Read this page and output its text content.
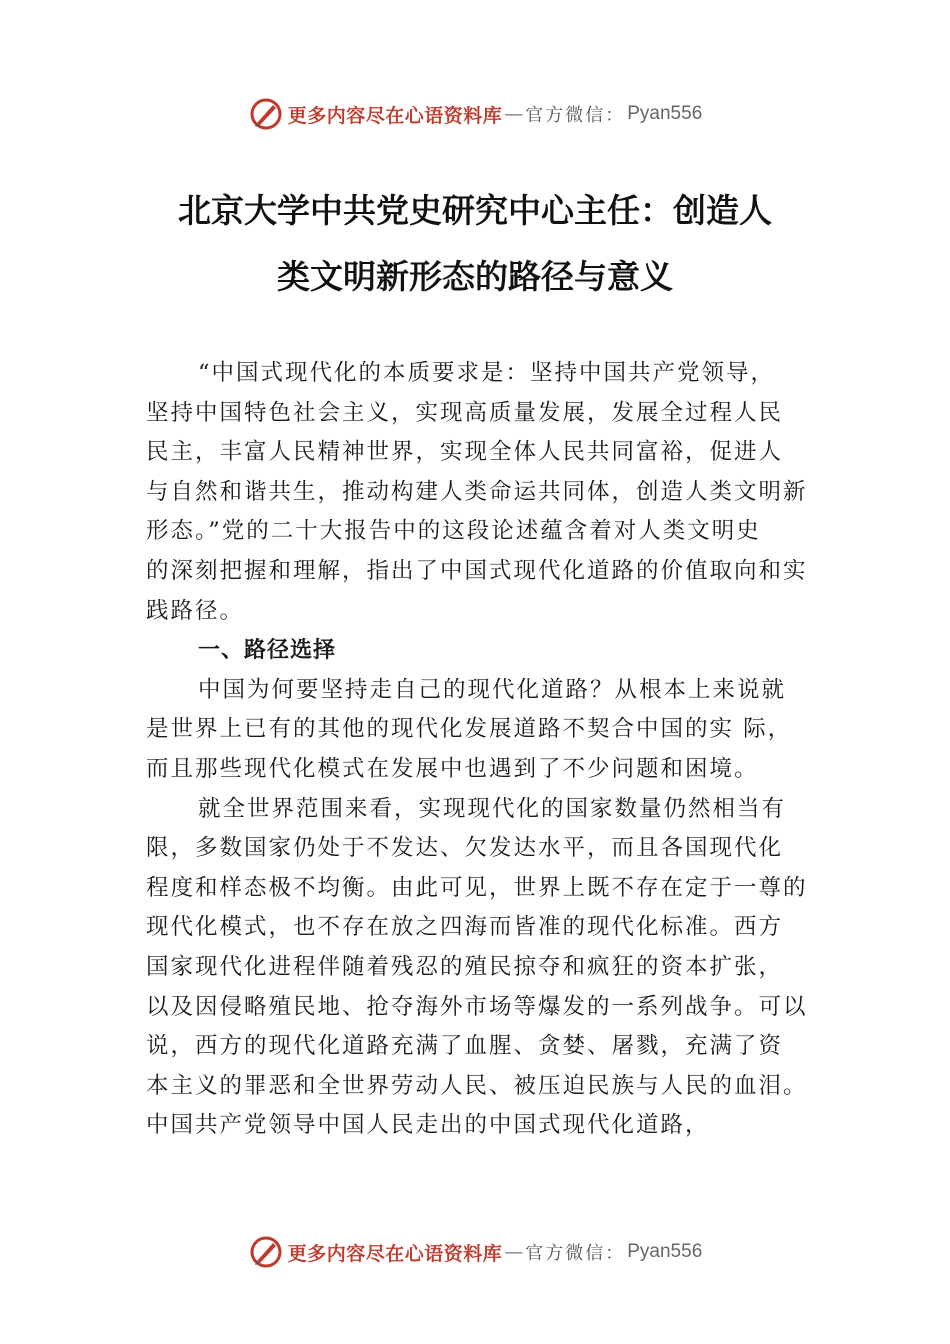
更多内容尽在心语资料库 — 官方微信： Pyan556
北京大学中共党史研究中心主任：创造人
类文明新形态的路径与意义
“中国式现代化的本质要求是：坚持中国共产党领导，
坚持中国特色社会主义，实现高质量发展，发展全过程人民
民主，丰富人民精神世界，实现全体人民共同富裕，促进人
与自然和谐共生，推动构建人类命运共同体，创造人类文明新
形态。”党的二十大报告中的这段论述蕴含着对人类文明史
的深刻把握和理解，指出了中国式现代化道路的价值取向和实
践路径。
一、路径选择
中国为何要坚持走自己的现代化道路？从根本上来说就
是世界上已有的其他的现代化发展道路不契合中国的实 际，
而且那些现代化模式在发展中也遇到了不少问题和困境。
就全世界范围来看，实现现代化的国家数量仍然相当有
限，多数国家仍处于不发达、欠发达水平，而且各国现代化
程度和样态极不均衡。由此可见，世界上既不存在定于一尊的
现代化模式，也不存在放之四海而皆准的现代化标准。西方
国家现代化进程伴随着残忍的殖民掠夺和疯狂的资本扩张，
以及因侵略殖民地、抢夺海外市场等爆发的一系列战争。可以
说，西方的现代化道路充满了血腥、贪婪、屠戮，充满了资
本主义的罪恶和全世界劳动人民、被压迫民族与人民的血泪。
中国共产党领导中国人民走出的中国式现代化道路，
更多内容尽在心语资料库 — 官方微信： Pyan556
